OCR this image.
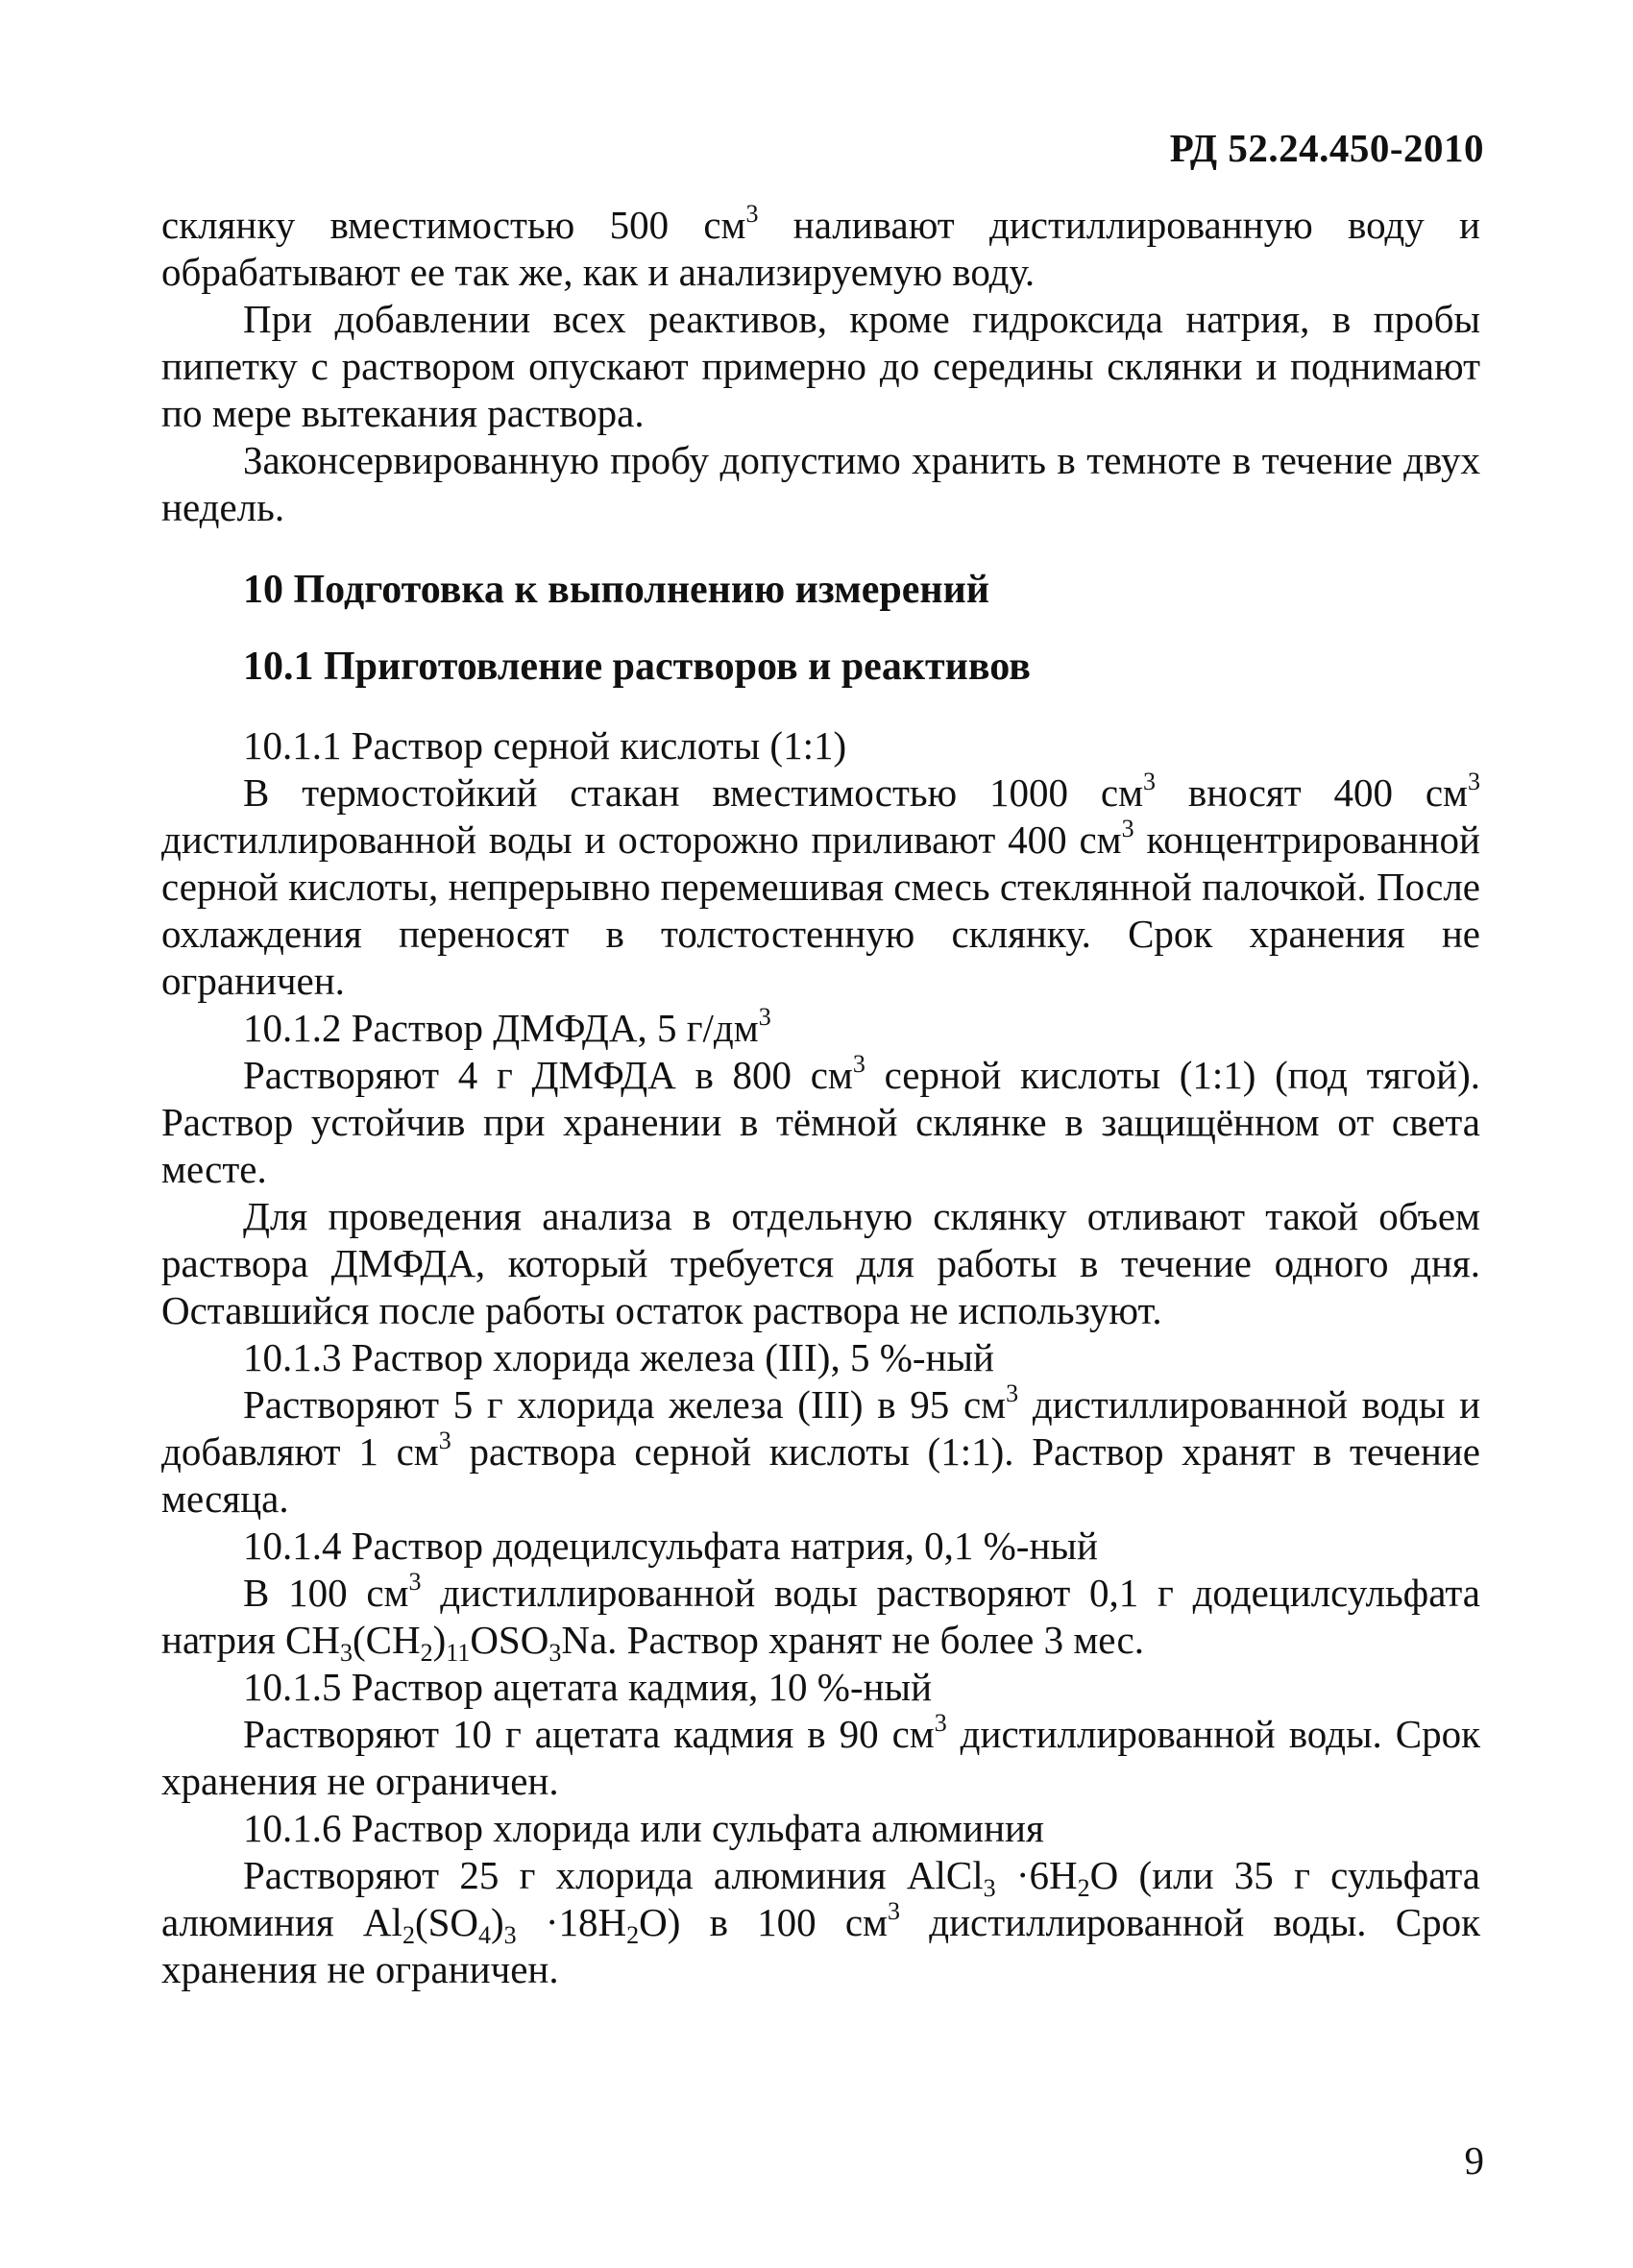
РД 52.24.450-2010

склянку вместимостью 500 $см^3$ наливают дистиллированную воду и обрабатывают ее так же, как и анализируемую воду.

При добавлении всех реактивов, кроме гидроксида натрия, в пробы пипетку с раствором опускают примерно до середины склянки и поднимают по мере вытекания раствора.

Законсервированную пробу допустимо хранить в темноте в течение двух недель.

10 Подготовка к выполнению измерений
10.1 Приготовление растворов и реактивов

10.1.1 Раствор серной кислоты (1:1)

В термостойкий стакан вместимостью 1000 $см^3$ вносят 400 $см^3$ дистиллированной воды и осторожно приливают 400 $см^3$ концентрированной серной кислоты, непрерывно перемешивая смесь стеклянной палочкой. После охлаждения переносят в толстостенную склянку. Срок хранения не ограничен.

10.1.2 Раствор ДМФДА, 5 $г/дм^3$

Растворяют 4 г ДМФДА в 800 $см^3$ серной кислоты (1:1) (под тягой). Раствор устойчив при хранении в тёмной склянке в защищённом от света месте.

Для проведения анализа в отдельную склянку отливают такой объем раствора ДМФДА, который требуется для работы в течение одного дня. Оставшийся после работы остаток раствора не используют.

10.1.3 Раствор хлорида железа (III), 5 %-ный

Растворяют 5 г хлорида железа (III) в 95 $см^3$ дистиллированной воды и добавляют 1 $см^3$ раствора серной кислоты (1:1). Раствор хранят в течение месяца.

10.1.4 Раствор додецилсульфата натрия, 0,1 %-ный

В 100 $см^3$ дистиллированной воды растворяют 0,1 г додецилсульфата натрия $CH_3(CH_2)_{11}OSO_3Na$. Раствор хранят не более 3 мес.

10.1.5 Раствор ацетата кадмия, 10 %-ный

Растворяют 10 г ацетата кадмия в 90 $см^3$ дистиллированной воды. Срок хранения не ограничен.

10.1.6 Раствор хлорида или сульфата алюминия

Растворяют 25 г хлорида алюминия AlCl$_3$ $\cdot 6H_2O$ (или 35 г сульфата алюминия $Al_2(SO_4)_3 \cdot 18H_2O$) в 100 $см^3$ дистиллированной воды. Срок хранения не ограничен.

9
